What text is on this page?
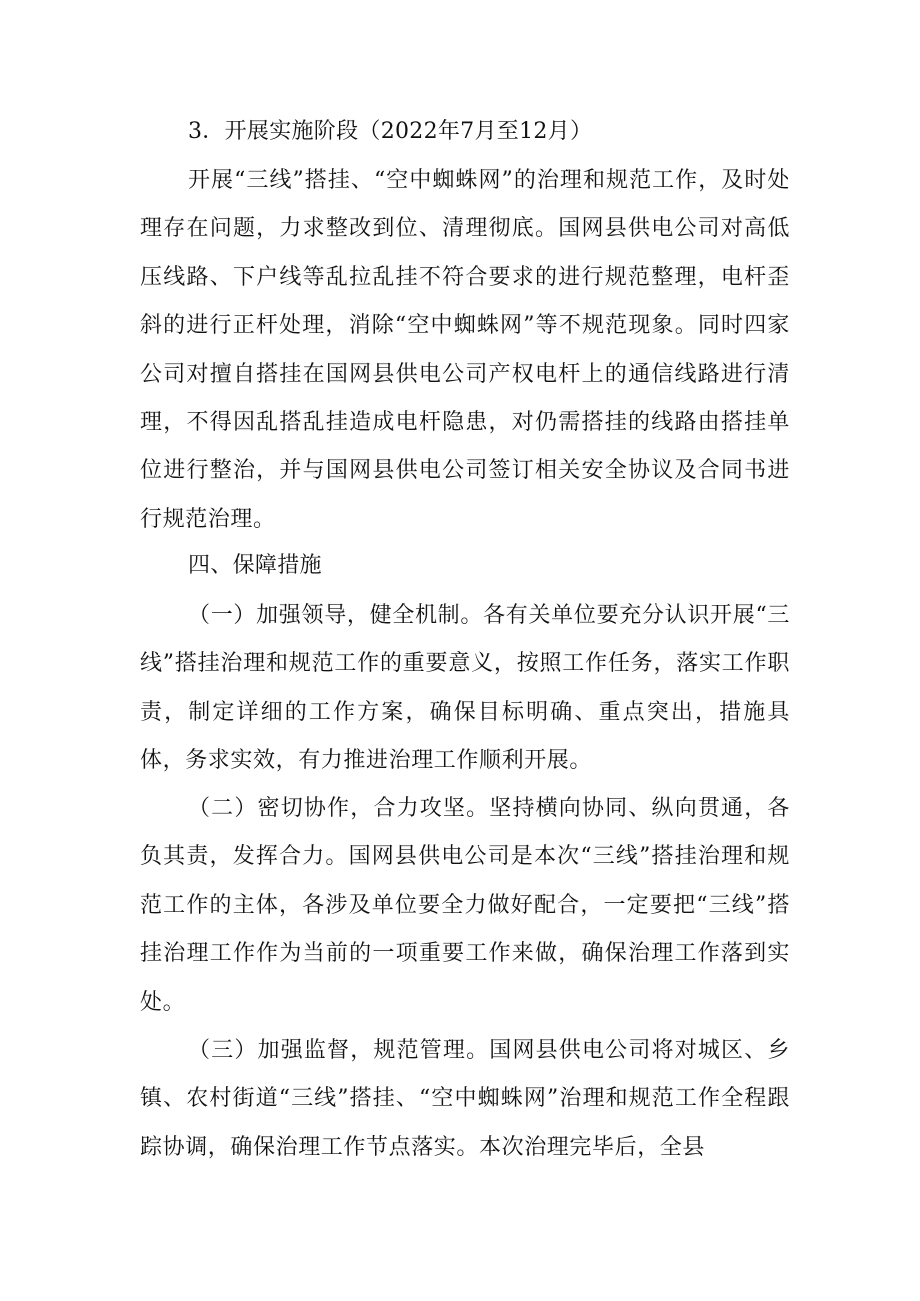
3．开展实施阶段（2022年7月至12月）

开展“三线”搭挂、“空中蜘蛛网”的治理和规范工作，及时处理存在问题，力求整改到位、清理彻底。国网县供电公司对高低压线路、下户线等乱拉乱挂不符合要求的进行规范整理，电杆歪斜的进行正杆处理，消除“空中蜘蛛网”等不规范现象。同时四家公司对擅自搭挂在国网县供电公司产权电杆上的通信线路进行清理，不得因乱搭乱挂造成电杆隐患，对仍需搭挂的线路由搭挂单位进行整治，并与国网县供电公司签订相关安全协议及合同书进行规范治理。

四、保障措施

（一）加强领导，健全机制。各有关单位要充分认识开展“三线”搭挂治理和规范工作的重要意义，按照工作任务，落实工作职责，制定详细的工作方案，确保目标明确、重点突出，措施具体，务求实效，有力推进治理工作顺利开展。

（二）密切协作，合力攻坚。坚持横向协同、纵向贯通，各负其责，发挥合力。国网县供电公司是本次“三线”搭挂治理和规范工作的主体，各涉及单位要全力做好配合，一定要把“三线”搭挂治理工作作为当前的一项重要工作来做，确保治理工作落到实处。

（三）加强监督，规范管理。国网县供电公司将对城区、乡镇、农村街道“三线”搭挂、“空中蜘蛛网”治理和规范工作全程跟踪协调，确保治理工作节点落实。本次治理完毕后，全县
